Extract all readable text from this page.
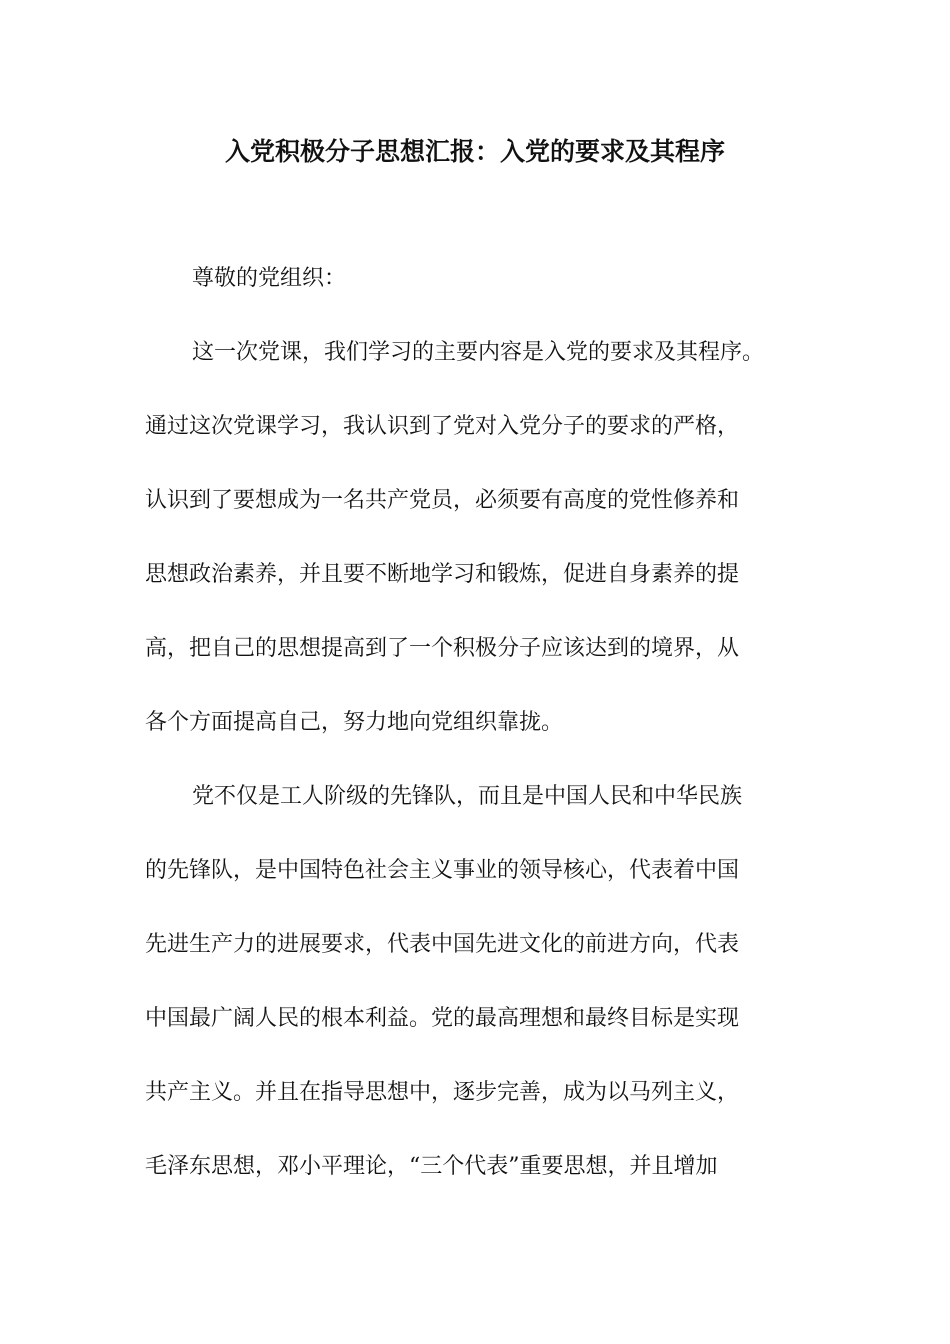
入党积极分子思想汇报：入党的要求及其程序
尊敬的党组织：
这一次党课，我们学习的主要内容是入党的要求及其程序。
通过这次党课学习，我认识到了党对入党分子的要求的严格，
认识到了要想成为一名共产党员，必须要有高度的党性修养和
思想政治素养，并且要不断地学习和锻炼，促进自身素养的提
高，把自己的思想提高到了一个积极分子应该达到的境界，从
各个方面提高自己，努力地向党组织靠拢。
党不仅是工人阶级的先锋队，而且是中国人民和中华民族
的先锋队，是中国特色社会主义事业的领导核心，代表着中国
先进生产力的进展要求，代表中国先进文化的前进方向，代表
中国最广阔人民的根本利益。党的最高理想和最终目标是实现
共产主义。并且在指导思想中，逐步完善，成为以马列主义，
毛泽东思想，邓小平理论，“三个代表”重要思想，并且增加
